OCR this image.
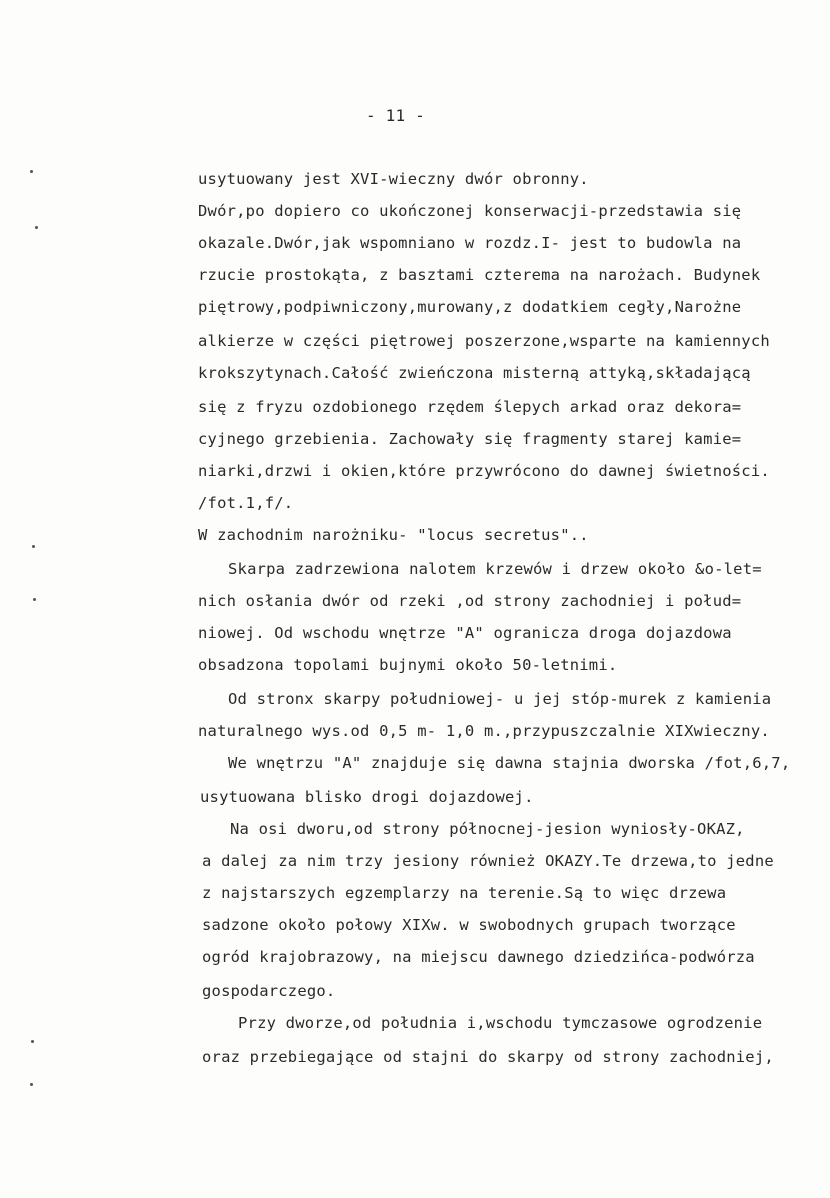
- 11 -
usytuowany jest XVI-wieczny dwór obronny.
Dwór,po dopiero co ukończonej konserwacji-przedstawia się
okazale.Dwór,jak wspomniano w rozdz.I- jest to budowla na
rzucie prostokąta, z basztami czterema na narożach. Budynek
piętrowy,podpiwniczony,murowany,z dodatkiem cegły,Narożne
alkierze w części piętrowej poszerzone,wsparte na kamiennych
krokszytynach.Całość zwieńczona misterną attyką,składającą
się z fryzu ozdobionego rzędem ślepych arkad oraz dekora=
cyjnego grzebienia. Zachowały się fragmenty starej kamie=
niarki,drzwi i okien,które przywrócono do dawnej świetności.
/fot.1,f/.
W zachodnim narożniku- "locus secretus"..
Skarpa zadrzewiona nalotem krzewów i drzew około &o-let=
nich osłania dwór od rzeki ,od strony zachodniej i połud=
niowej. Od wschodu wnętrze "A" ogranicza droga dojazdowa
obsadzona topolami bujnymi około 50-letnimi.
Od stronx skarpy południowej- u jej stóp-murek z kamienia
naturalnego wys.od 0,5 m- 1,0 m.,przypuszczalnie XIXwieczny.
We wnętrzu "A" znajduje się dawna stajnia dworska /fot,6,7,
usytuowana blisko drogi dojazdowej.
Na osi dworu,od strony północnej-jesion wyniosły-OKAZ,
a dalej za nim trzy jesiony również OKAZY.Te drzewa,to jedne
z najstarszych egzemplarzy na terenie.Są to więc drzewa
sadzone około połowy XIXw. w swobodnych grupach tworzące
ogród krajobrazowy, na miejscu dawnego dziedzińca-podwórza
gospodarczego.
Przy dworze,od południa i,wschodu tymczasowe ogrodzenie
oraz przebiegające od stajni do skarpy od strony zachodniej,
